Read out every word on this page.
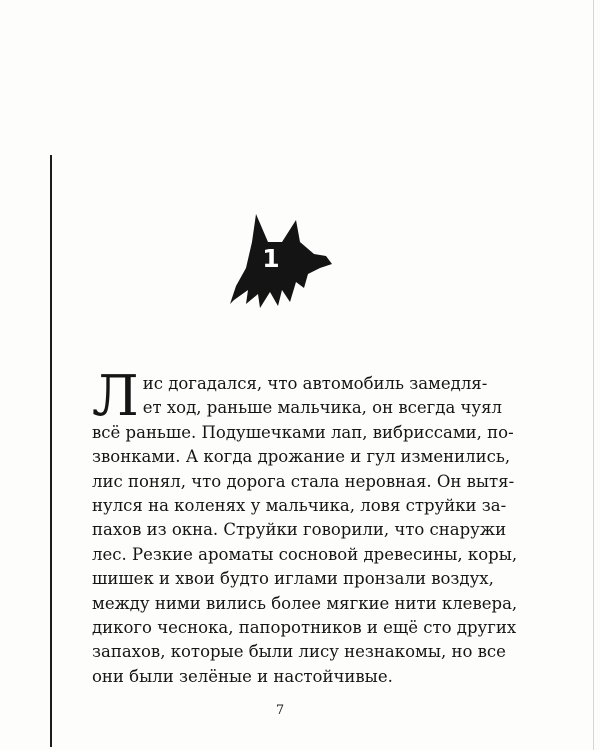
1
Л ис догадался, что автомобиль замедля-
ет ход, раньше мальчика, он всегда чуял
всё раньше. Подушечками лап, вибриссами, по-
звонками. А когда дрожание и гул изменились,
лис понял, что дорога стала неровная. Он вытя-
нулся на коленях у мальчика, ловя струйки за-
пахов из окна. Струйки говорили, что снаружи
лес. Резкие ароматы сосновой древесины, коры,
шишек и хвои будто иглами пронзали воздух,
между ними вились более мягкие нити клевера,
дикого чеснока, папоротников и ещё сто других
запахов, которые были лису незнакомы, но все
они были зелёные и настойчивые.
7
